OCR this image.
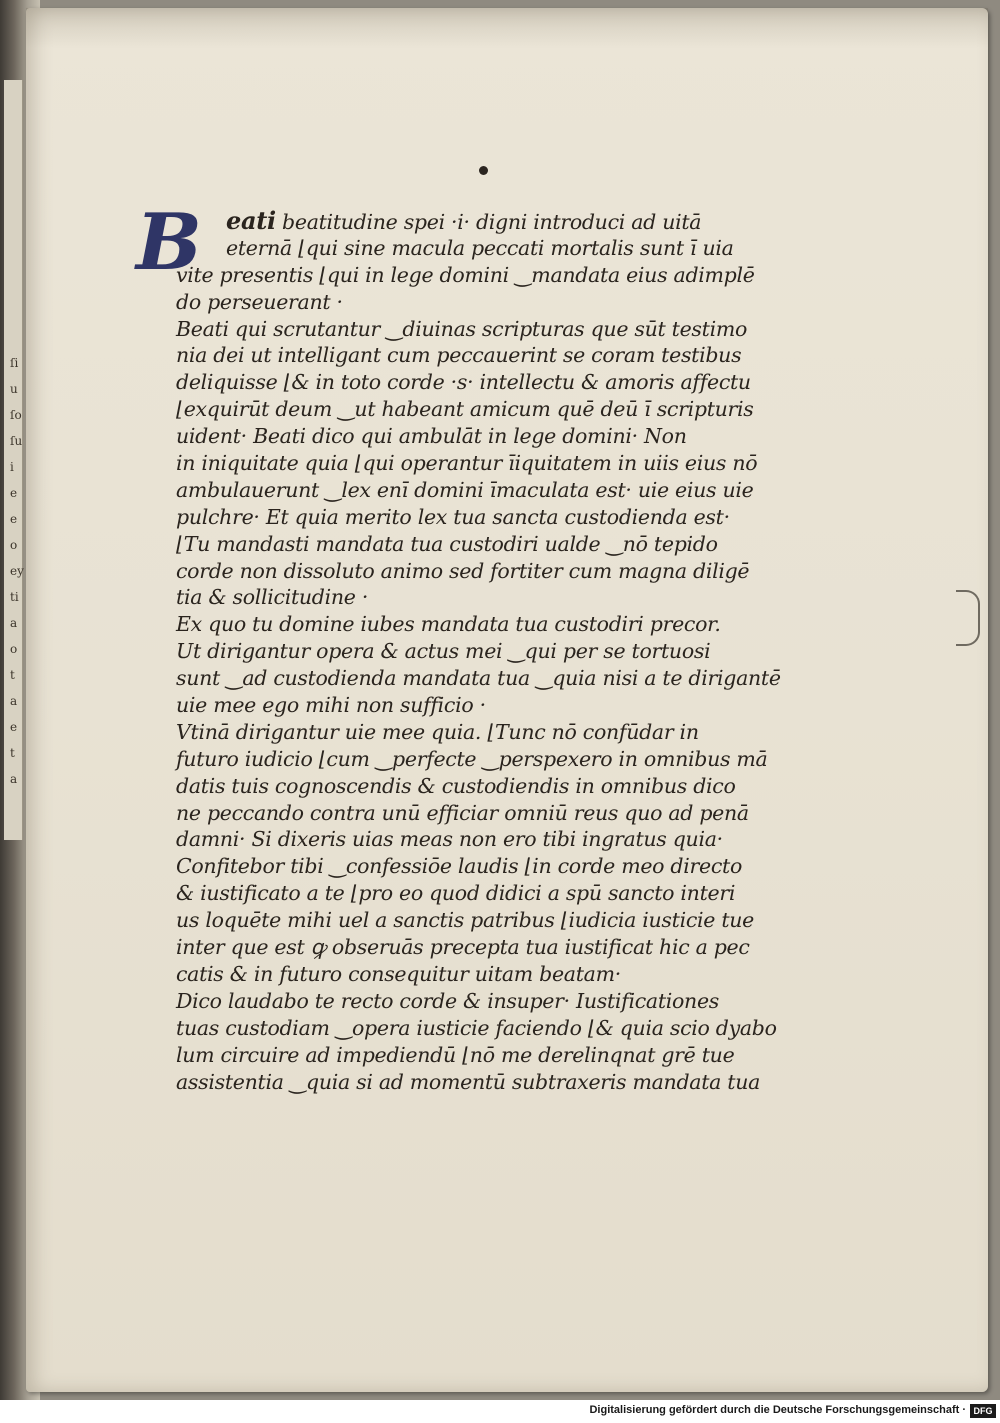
ſiu ſo ſui e eo ey ti a o t a e t a
B	eati beatitudine spei ·i· digni introduci ad uitā
eternā ⌊qui sine macula peccati mortalis sunt ī uia
vite presentis ⌊qui in lege domini ‿mandata eius adimplē
do perseuerant ·
Beati qui scrutantur ‿diuinas scripturas que sūt testimo
nia dei ut intelligant cum peccauerint se coram testibus
deliquisse ⌊& in toto corde ·s· intellectu & amoris affectu
⌊exquirūt deum ‿ut habeant amicum quē deū ī scripturis
uident· Beati dico qui ambulāt in lege domini· Non
in iniquitate quia ⌊qui operantur īiquitatem in uiis eius nō
ambulauerunt ‿lex enī domini īmaculata est· uie eius uie
pulchre· Et quia merito lex tua sancta custodienda est·
⌊Tu mandasti mandata tua custodiri ualde ‿nō tepido
corde non dissoluto animo sed fortiter cum magna diligē
tia & sollicitudine ·
Ex quo tu domine iubes mandata tua custodiri precor.
Ut dirigantur opera & actus mei ‿qui per se tortuosi
sunt ‿ad custodienda mandata tua ‿quia nisi a te dirigantē
uie mee ego mihi non sufficio ·
Vtinā dirigantur uie mee quia. ⌊Tunc nō confūdar in
futuro iudicio ⌊cum ‿perfecte ‿perspexero in omnibus mā
datis tuis cognoscendis & custodiendis in omnibus dico
ne peccando contra unū efficiar omniū reus quo ad penā
damni· Si dixeris uias meas non ero tibi ingratus quia·
Confitebor tibi ‿confessiōe laudis ⌊in corde meo directo
& iustificato a te ⌊pro eo quod didici a spū sancto interi
us loquēte mihi uel a sanctis patribus ⌊iudicia iusticie tue
inter que est ꝙ obseruās precepta tua iustificat hic a pec
catis & in futuro consequitur uitam beatam·
Dico laudabo te recto corde & insuper· Iustificationes
tuas custodiam ‿opera iusticie faciendo ⌊& quia scio dyabo
lum circuire ad impediendū ⌊nō me derelinqnat grē tue
assistentia ‿quia si ad momentū subtraxeris mandata tua
Digitalisierung gefördert durch die Deutsche Forschungsgemeinschaft · DFG
